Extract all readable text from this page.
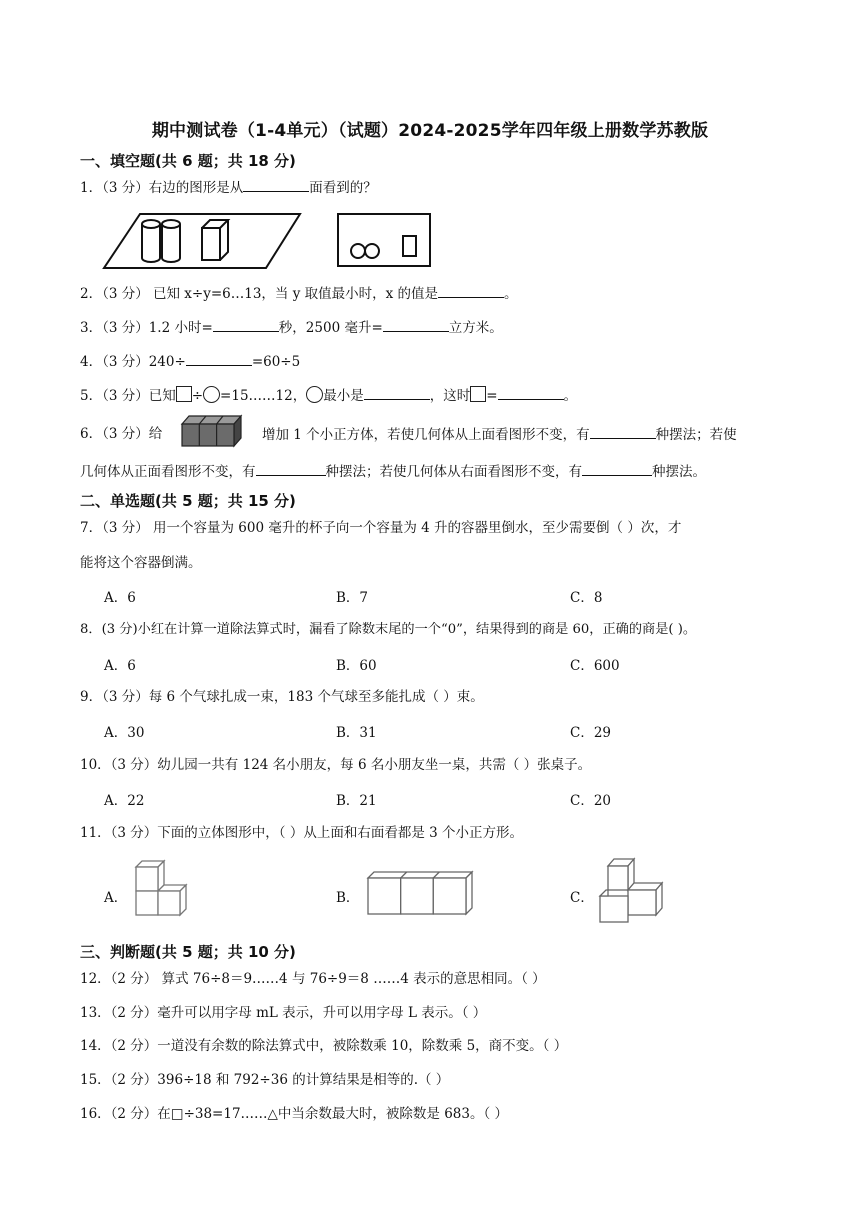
期中测试卷（1-4单元）（试题）2024-2025学年四年级上册数学苏教版
一、填空题(共 6 题；共 18 分)
1．（3 分）右边的图形是从	面看到的？
2．（3 分） 已知 x÷y=6…13，当 y 取值最小时，x 的值是	。
3．（3 分）1.2 小时=	秒，2500 毫升=	立方米。
4．（3 分）240÷	=60÷5
5．（3 分）已知 ÷ =15……12， 最小是	，这时 =	。
6．（3 分）给	增加 1 个小正方体，若使几何体从上面看图形不变，有	种摆法；若使
几何体从正面看图形不变，有	种摆法；若使几何体从右面看图形不变，有	种摆法。
二、单选题(共 5 题；共 15 分)
7．（3 分） 用一个容量为 600 毫升的杯子向一个容量为 4 升的容器里倒水，至少需要倒（ ）次，才
能将这个容器倒满。
A．6	B．7	C．8
8．(3 分)小红在计算一道除法算式时，漏看了除数末尾的一个“0”，结果得到的商是 60，正确的商是( )。
A．6	B．60	C．600
9．（3 分）每 6 个气球扎成一束，183 个气球至多能扎成（ ）束。
A．30	B．31	C．29
10．（3 分）幼儿园一共有 124 名小朋友，每 6 名小朋友坐一桌，共需（ ）张桌子。
A．22	B．21	C．20
11．（3 分）下面的立体图形中，（ ）从上面和右面看都是 3 个小正方形。
A．	B．	C．
三、判断题(共 5 题；共 10 分)
12．（2 分） 算式 76÷8＝9……4 与 76÷9＝8 ……4 表示的意思相同。（ ）
13．（2 分）毫升可以用字母 mL 表示，升可以用字母 L 表示。（ ）
14．（2 分）一道没有余数的除法算式中，被除数乘 10，除数乘 5，商不变。（ ）
15．（2 分）396÷18 和 792÷36 的计算结果是相等的.（ ）
16．（2 分）在□÷38=17……△中当余数最大时，被除数是 683。（ ）
